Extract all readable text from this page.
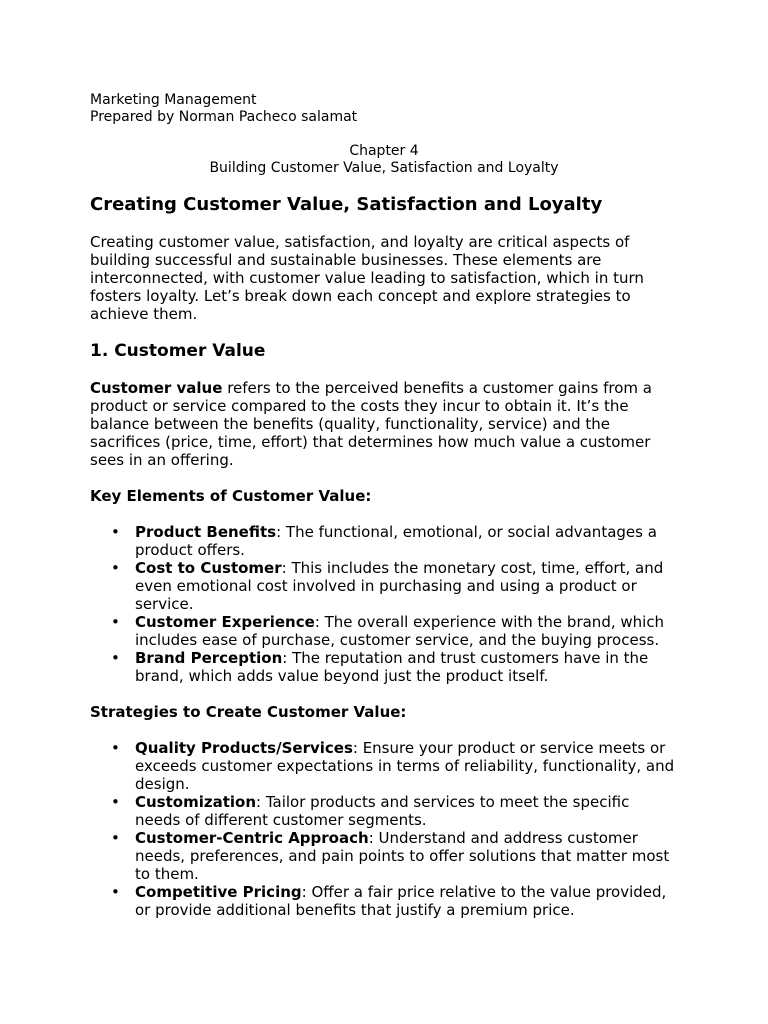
Marketing Management
Prepared by Norman Pacheco salamat
Chapter 4
Building Customer Value, Satisfaction and Loyalty
Creating Customer Value, Satisfaction and Loyalty

Creating customer value, satisfaction, and loyalty are critical aspects of building successful and sustainable businesses. These elements are interconnected, with customer value leading to satisfaction, which in turn fosters loyalty. Let’s break down each concept and explore strategies to achieve them.

1. Customer Value

Customer value refers to the perceived benefits a customer gains from a product or service compared to the costs they incur to obtain it. It’s the balance between the benefits (quality, functionality, service) and the sacrifices (price, time, effort) that determines how much value a customer sees in an offering.

Key Elements of Customer Value:
• Product Benefits: The functional, emotional, or social advantages a product offers.
• Cost to Customer: This includes the monetary cost, time, effort, and even emotional cost involved in purchasing and using a product or service.
• Customer Experience: The overall experience with the brand, which includes ease of purchase, customer service, and the buying process.
• Brand Perception: The reputation and trust customers have in the brand, which adds value beyond just the product itself.
Strategies to Create Customer Value:
• Quality Products/Services: Ensure your product or service meets or exceeds customer expectations in terms of reliability, functionality, and design.
• Customization: Tailor products and services to meet the specific needs of different customer segments.
• Customer-Centric Approach: Understand and address customer needs, preferences, and pain points to offer solutions that matter most to them.
• Competitive Pricing: Offer a fair price relative to the value provided, or provide additional benefits that justify a premium price.
